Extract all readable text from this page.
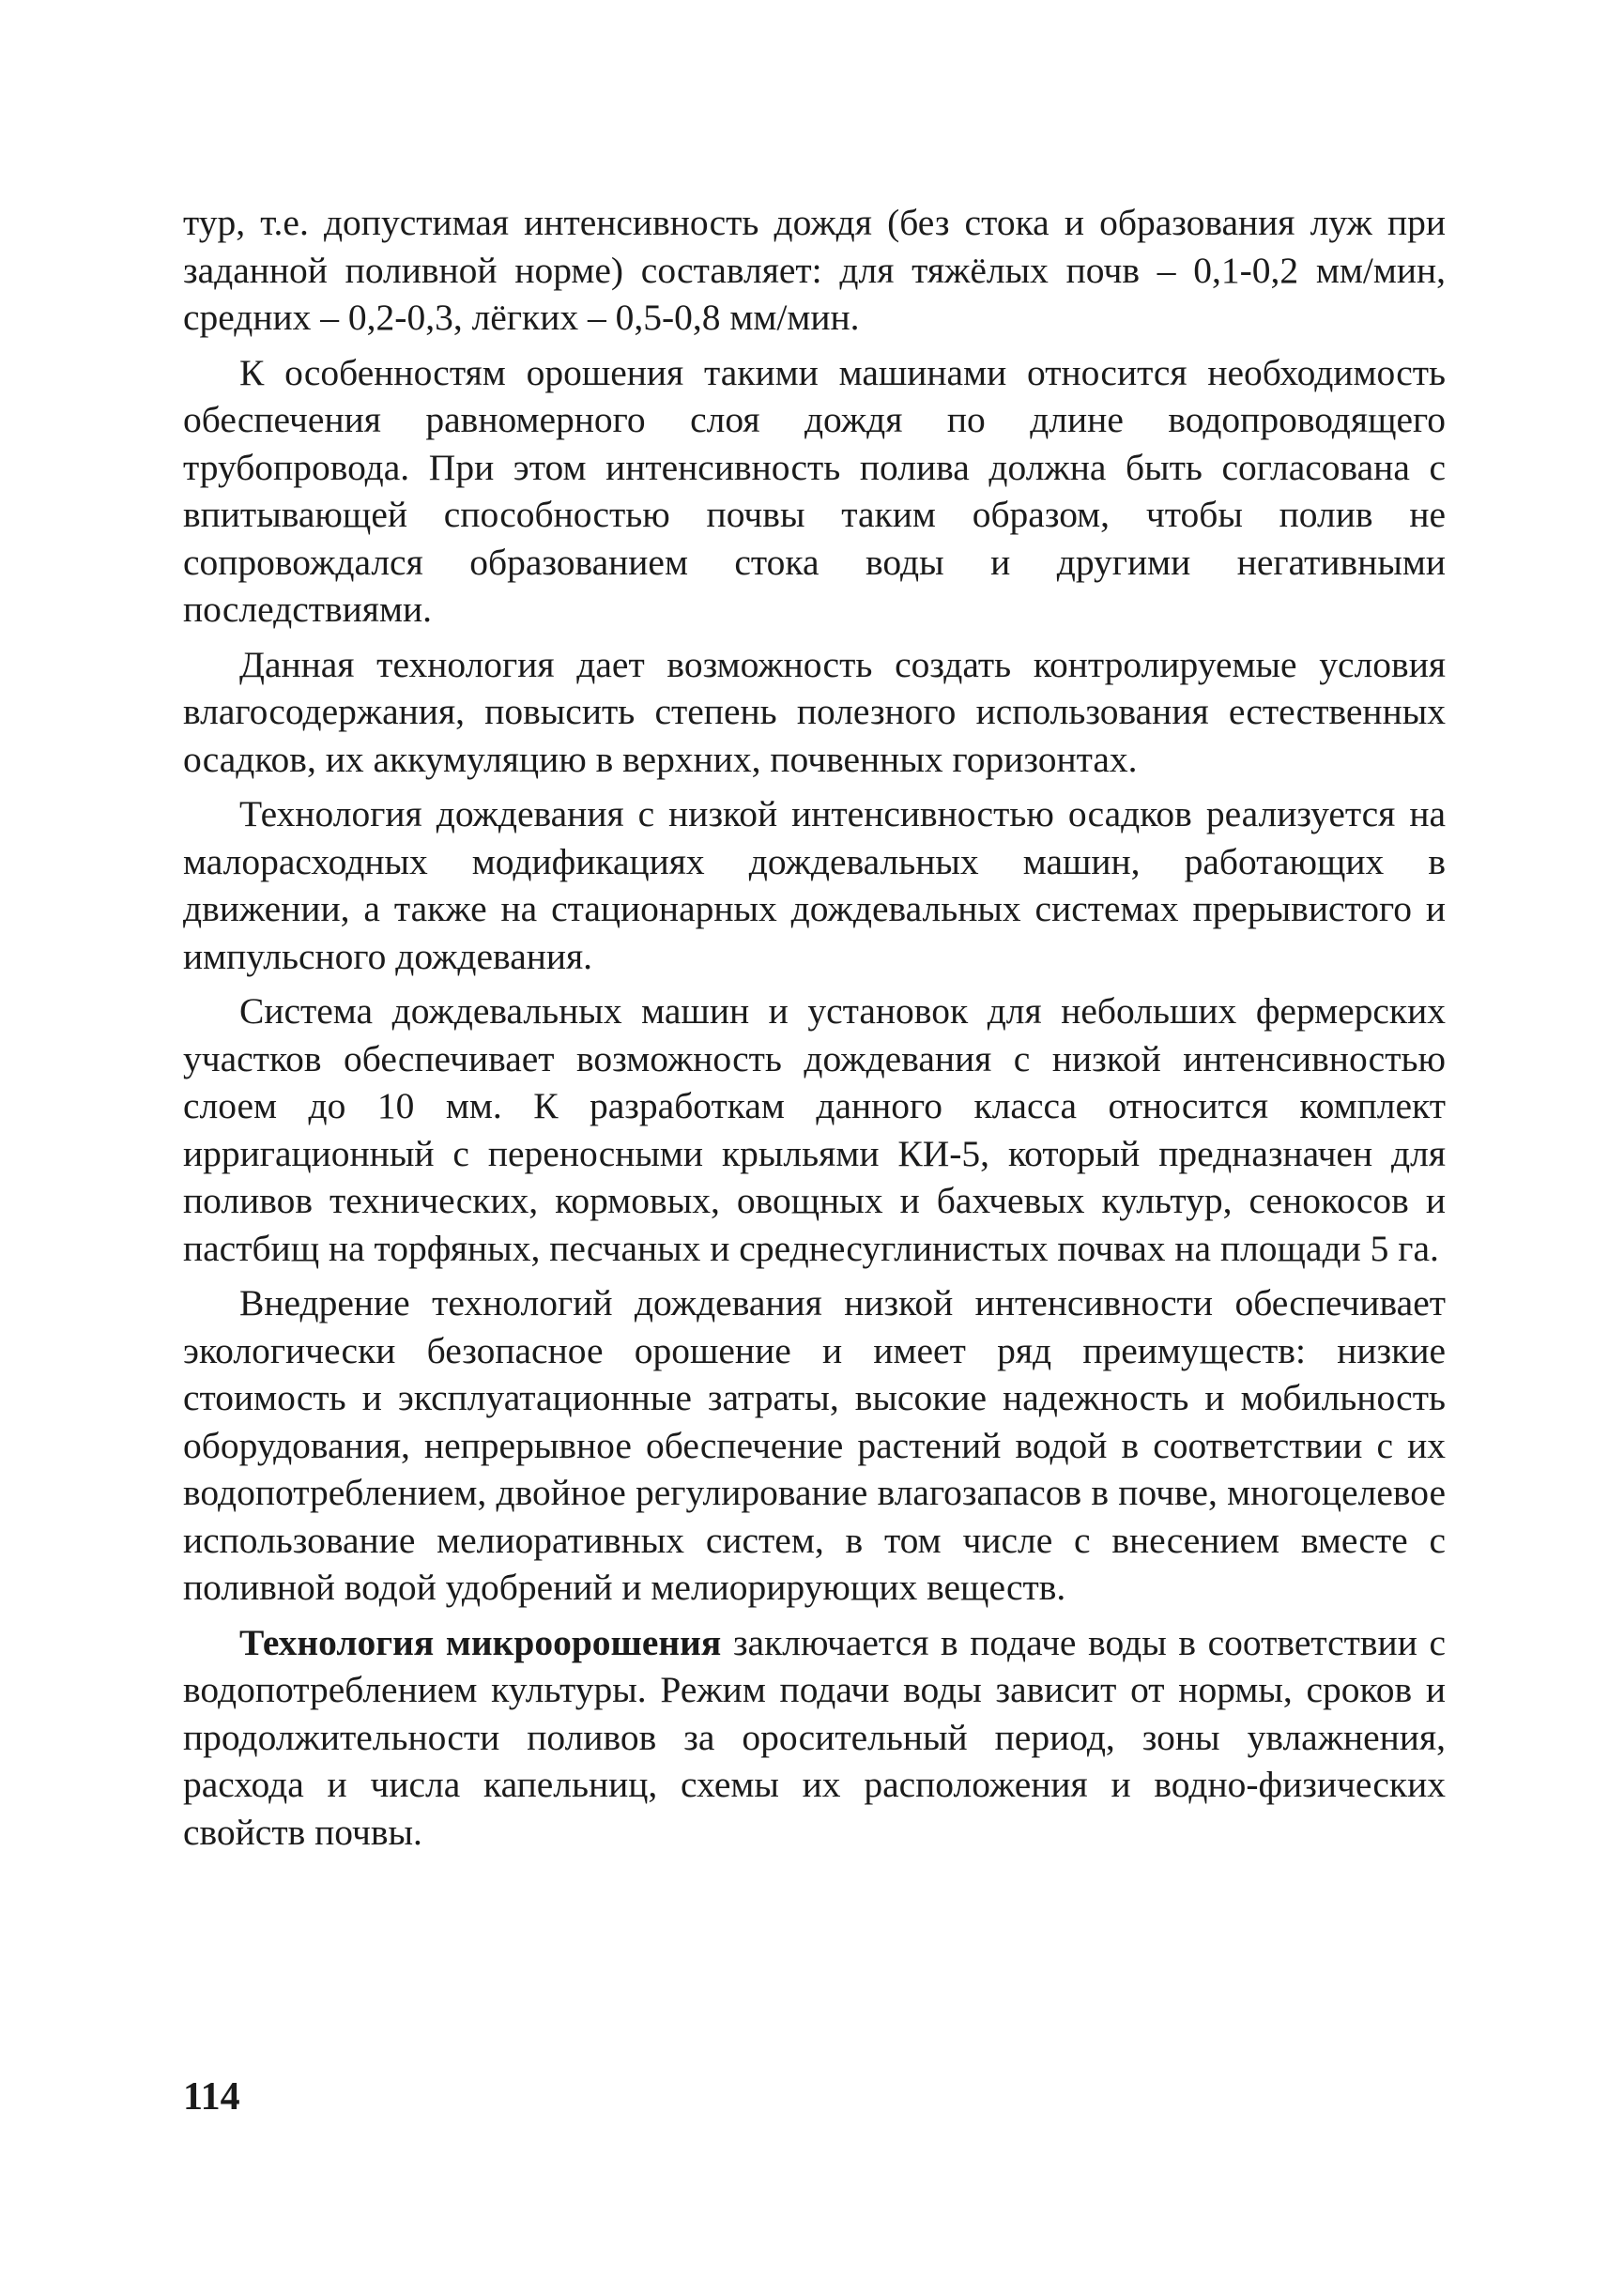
тур, т.е. допустимая интенсивность дождя (без стока и образования луж при заданной поливной норме) составляет: для тяжёлых почв – 0,1-0,2 мм/мин, средних – 0,2-0,3, лёгких – 0,5-0,8 мм/мин.

К особенностям орошения такими машинами относится необходимость обеспечения равномерного слоя дождя по длине водопроводящего трубопровода. При этом интенсивность полива должна быть согласована с впитывающей способностью почвы таким образом, чтобы полив не сопровождался образованием стока воды и другими негативными последствиями.

Данная технология дает возможность создать контролируемые условия влагосодержания, повысить степень полезного использования естественных осадков, их аккумуляцию в верхних, почвенных горизонтах.

Технология дождевания с низкой интенсивностью осадков реализуется на малорасходных модификациях дождевальных машин, работающих в движении, а также на стационарных дождевальных системах прерывистого и импульсного дождевания.

Система дождевальных машин и установок для небольших фермерских участков обеспечивает возможность дождевания с низкой интенсивностью слоем до 10 мм. К разработкам данного класса относится комплект ирригационный с переносными крыльями КИ-5, который предназначен для поливов технических, кормовых, овощных и бахчевых культур, сенокосов и пастбищ на торфяных, песчаных и среднесуглинистых почвах на площади 5 га.

Внедрение технологий дождевания низкой интенсивности обеспечивает экологически безопасное орошение и имеет ряд преимуществ: низкие стоимость и эксплуатационные затраты, высокие надежность и мобильность оборудования, непрерывное обеспечение растений водой в соответствии с их водопотреблением, двойное регулирование влагозапасов в почве, многоцелевое использование мелиоративных систем, в том числе с внесением вместе с поливной водой удобрений и мелиорирующих веществ.

Технология микроорошения заключается в подаче воды в соответствии с водопотреблением культуры. Режим подачи воды зависит от нормы, сроков и продолжительности поливов за оросительный период, зоны увлажнения, расхода и числа капельниц, схемы их расположения и водно-физических свойств почвы.

114
